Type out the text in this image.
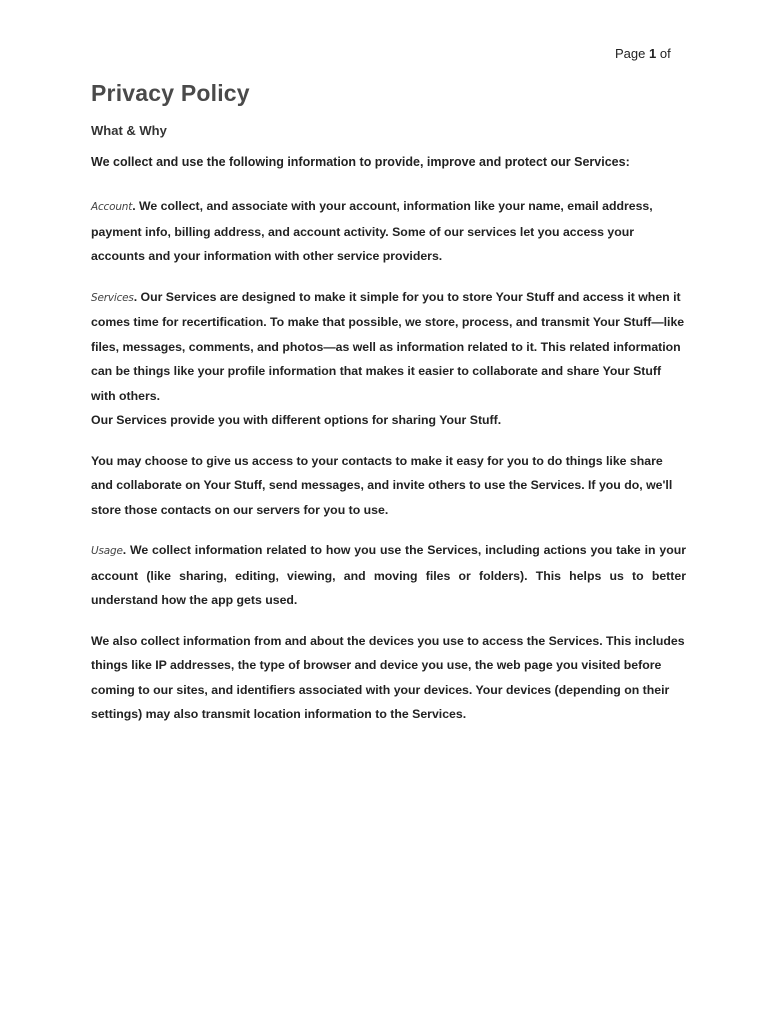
Page 1 of
Privacy Policy
What & Why
We collect and use the following information to provide, improve and protect our Services:

Account. We collect, and associate with your account, information like your name, email address, payment info, billing address, and account activity. Some of our services let you access your accounts and your information with other service providers.

Services. Our Services are designed to make it simple for you to store Your Stuff and access it when it comes time for recertification. To make that possible, we store, process, and transmit Your Stuff—like files, messages, comments, and photos—as well as information related to it. This related information can be things like your profile information that makes it easier to collaborate and share Your Stuff with others.

Our Services provide you with different options for sharing Your Stuff.

You may choose to give us access to your contacts to make it easy for you to do things like share and collaborate on Your Stuff, send messages, and invite others to use the Services. If you do, we'll store those contacts on our servers for you to use.

Usage. We collect information related to how you use the Services, including actions you take in your account (like sharing, editing, viewing, and moving files or folders). This helps us to better understand how the app gets used.

We also collect information from and about the devices you use to access the Services. This includes things like IP addresses, the type of browser and device you use, the web page you visited before coming to our sites, and identifiers associated with your devices. Your devices (depending on their settings) may also transmit location information to the Services.
